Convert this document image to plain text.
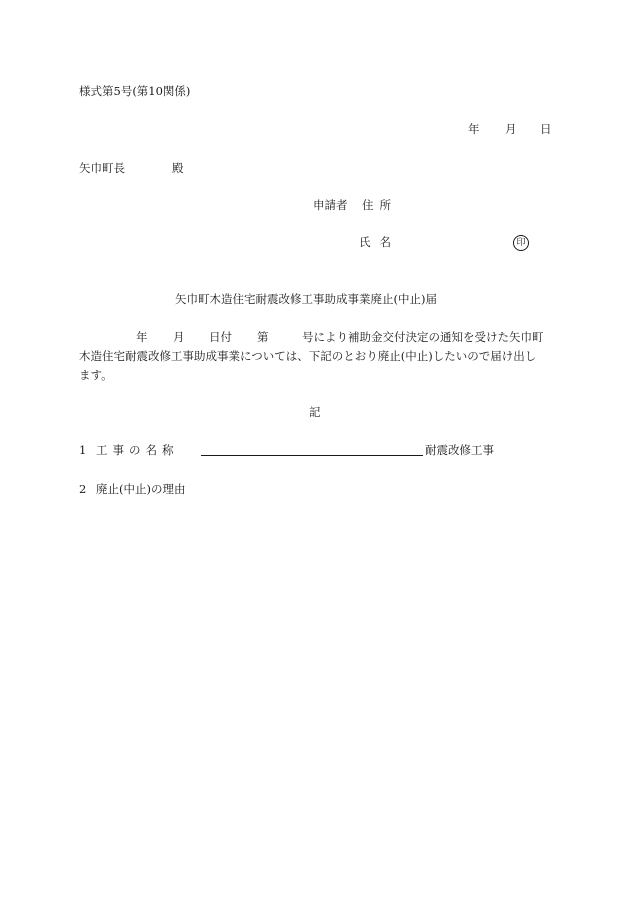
様式第5号(第10関係)
年 月 日
矢巾町長	殿
申請者 住所
氏名	印
矢巾町木造住宅耐震改修工事助成事業廃止(中止)届
年 月 日付 第	号により補助金交付決定の通知を受けた矢巾町
木造住宅耐震改修工事助成事業については、下記のとおり廃止(中止)したいので届け出し
ます。
記
1 工事の名称	耐震改修工事
2 廃止(中止)の理由
